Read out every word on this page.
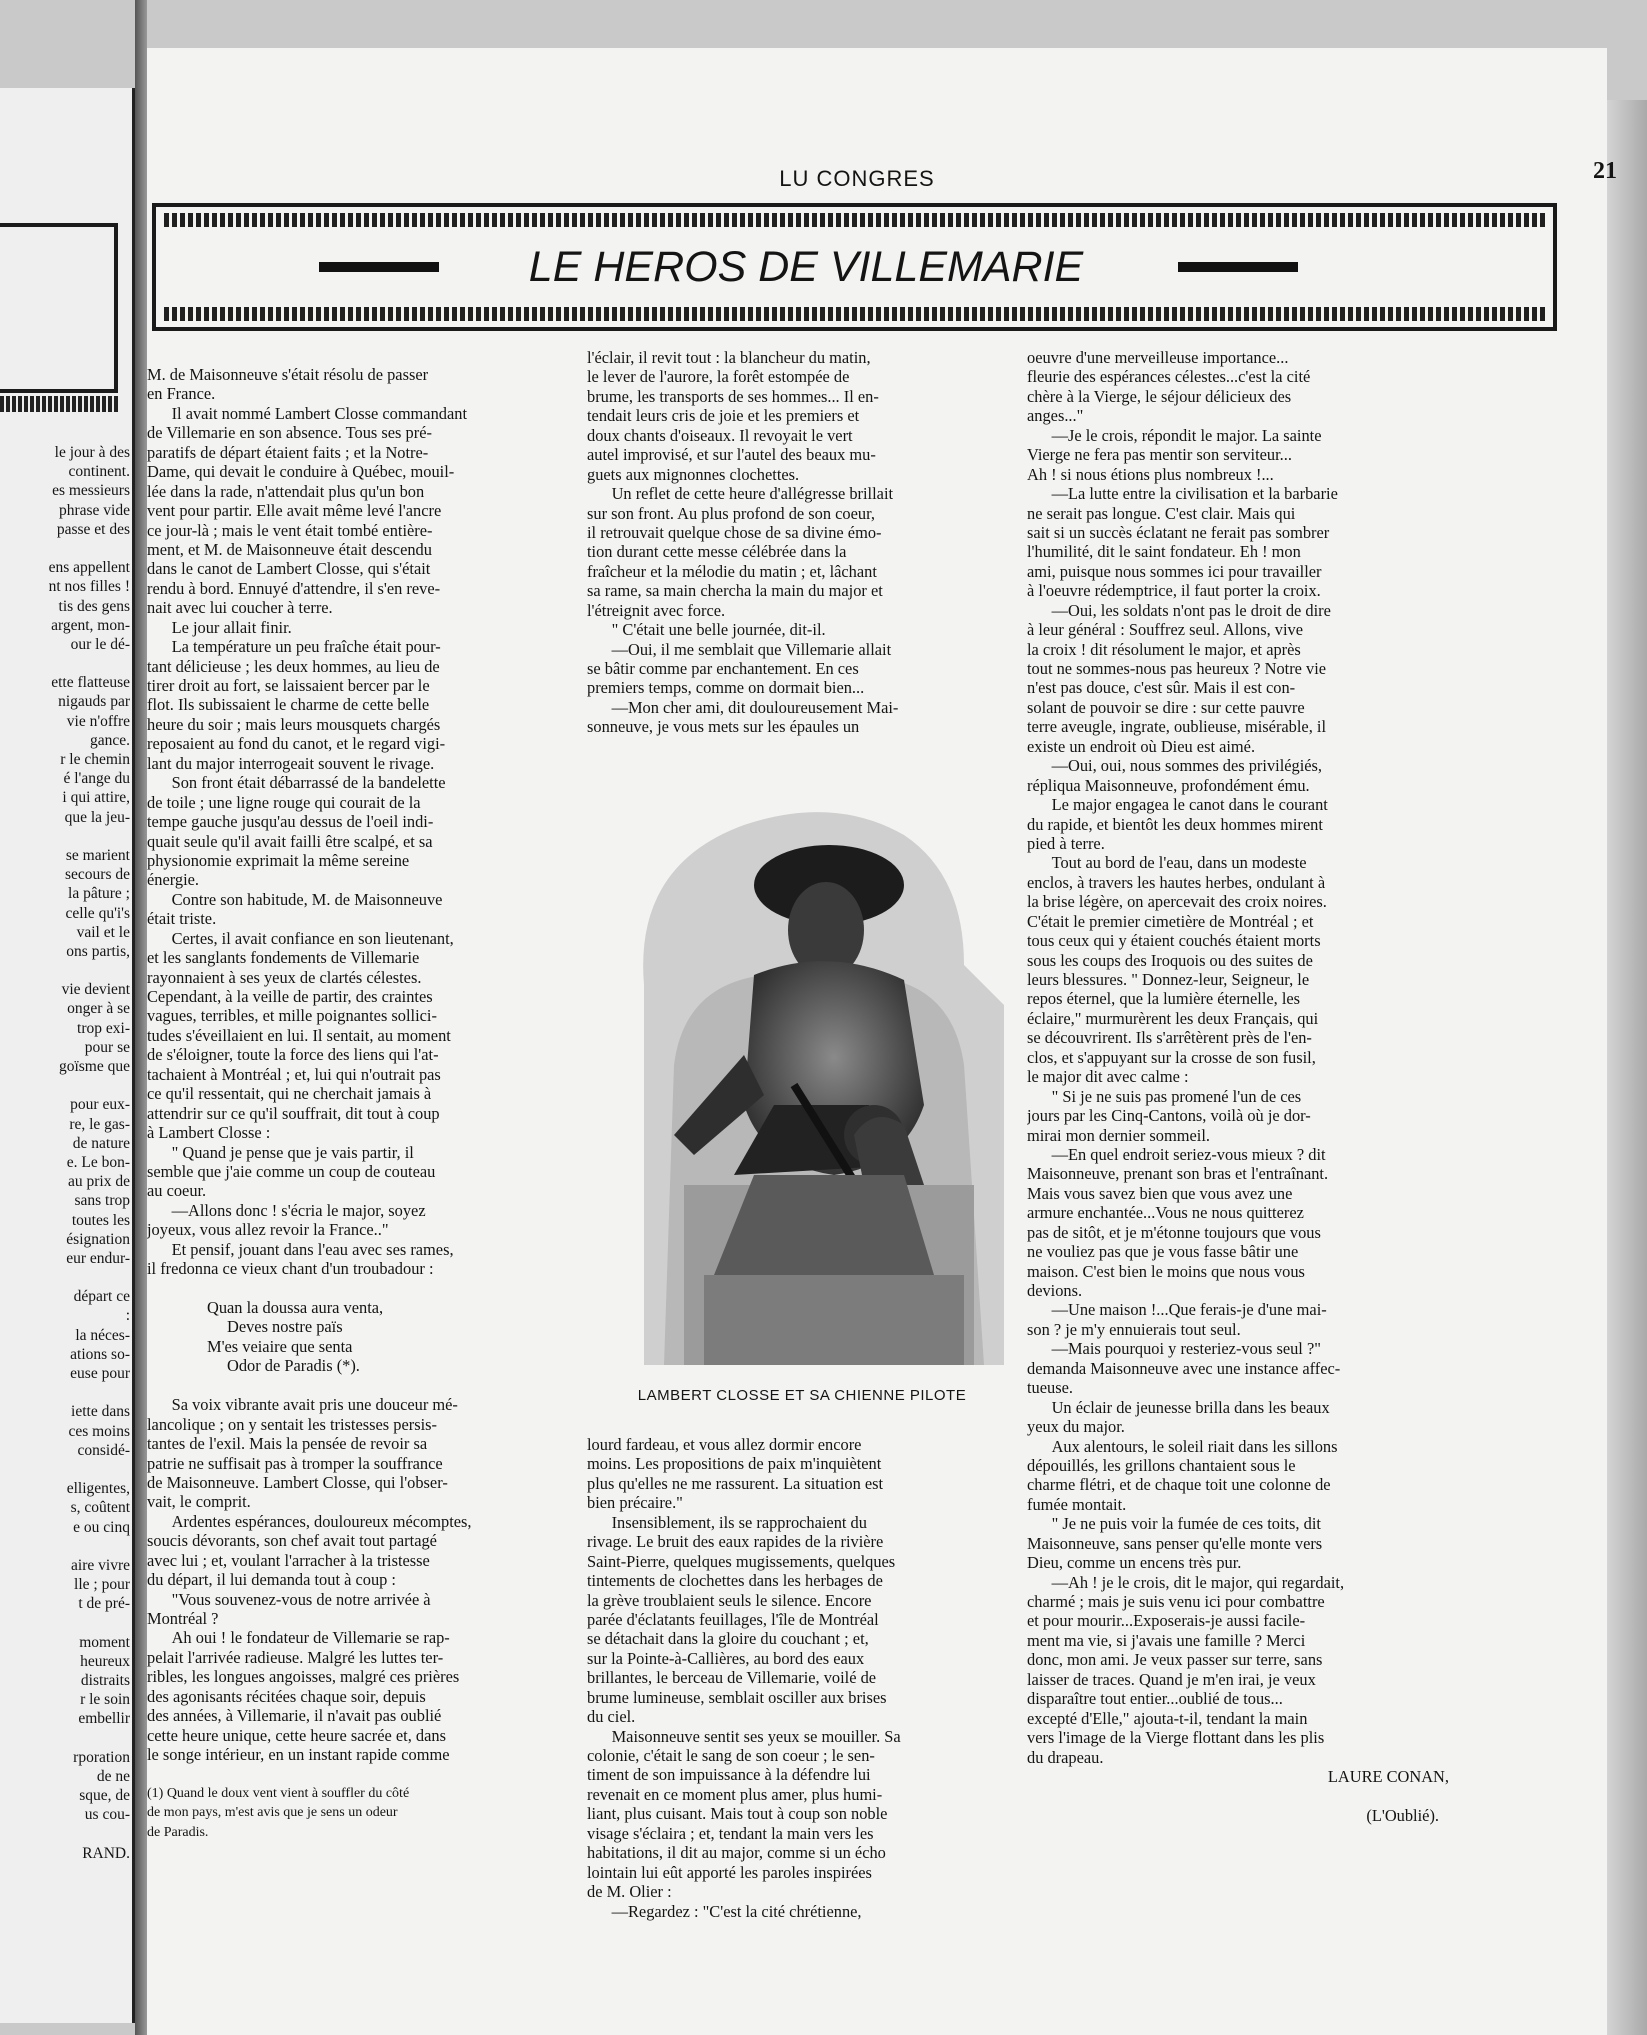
le jour à des
continent.
es messieurs
phrase vide
passe et des
ens appellent
nt nos filles !
tis des gens
argent, mon-
our le dé-
ette flatteuse
nigauds par
vie n'offre
gance.
r le chemin
é l'ange du
i qui attire,
que la jeu-
se marient
secours de
la pâture ;
celle qu'i's
vail et le
ons partis,
vie devient
onger à se
trop exi-
pour se
goïsme que
pour eux-
re, le gas-
de nature
e. Le bon-
au prix de
sans trop
toutes les
ésignation
eur endur-
départ ce
:
la néces-
ations so-
euse pour
iette dans
ces moins
considé-
elligentes,
s, coûtent
e ou cinq
aire vivre
lle ; pour
t de pré-
moment
heureux
distraits
r le soin
embellir
rporation
de ne
sque, de
us cou-
RAND.
LU CONGRES	21
LE HEROS DE VILLEMARIE
M. de Maisonneuve s'était résolu de passer
en France.
Il avait nommé Lambert Closse commandant
de Villemarie en son absence. Tous ses pré-
paratifs de départ étaient faits ; et la Notre-
Dame, qui devait le conduire à Québec, mouil-
lée dans la rade, n'attendait plus qu'un bon
vent pour partir. Elle avait même levé l'ancre
ce jour-là ; mais le vent était tombé entière-
ment, et M. de Maisonneuve était descendu
dans le canot de Lambert Closse, qui s'était
rendu à bord. Ennuyé d'attendre, il s'en reve-
nait avec lui coucher à terre.
Le jour allait finir.
La température un peu fraîche était pour-
tant délicieuse ; les deux hommes, au lieu de
tirer droit au fort, se laissaient bercer par le
flot. Ils subissaient le charme de cette belle
heure du soir ; mais leurs mousquets chargés
reposaient au fond du canot, et le regard vigi-
lant du major interrogeait souvent le rivage.
Son front était débarrassé de la bandelette
de toile ; une ligne rouge qui courait de la
tempe gauche jusqu'au dessus de l'oeil indi-
quait seule qu'il avait failli être scalpé, et sa
physionomie exprimait la même sereine
énergie.
Contre son habitude, M. de Maisonneuve
était triste.
Certes, il avait confiance en son lieutenant,
et les sanglants fondements de Villemarie
rayonnaient à ses yeux de clartés célestes.
Cependant, à la veille de partir, des craintes
vagues, terribles, et mille poignantes sollici-
tudes s'éveillaient en lui. Il sentait, au moment
de s'éloigner, toute la force des liens qui l'at-
tachaient à Montréal ; et, lui qui n'outrait pas
ce qu'il ressentait, qui ne cherchait jamais à
attendrir sur ce qu'il souffrait, dit tout à coup
à Lambert Closse :
" Quand je pense que je vais partir, il
semble que j'aie comme un coup de couteau
au coeur.
—Allons donc ! s'écria le major, soyez
joyeux, vous allez revoir la France.."
Et pensif, jouant dans l'eau avec ses rames,
il fredonna ce vieux chant d'un troubadour :
Quan la doussa aura venta,
Deves nostre païs
M'es veiaire que senta
Odor de Paradis (*).
Sa voix vibrante avait pris une douceur mé-
lancolique ; on y sentait les tristesses persis-
tantes de l'exil. Mais la pensée de revoir sa
patrie ne suffisait pas à tromper la souffrance
de Maisonneuve. Lambert Closse, qui l'obser-
vait, le comprit.
Ardentes espérances, douloureux mécomptes,
soucis dévorants, son chef avait tout partagé
avec lui ; et, voulant l'arracher à la tristesse
du départ, il lui demanda tout à coup :
"Vous souvenez-vous de notre arrivée à
Montréal ?
Ah oui ! le fondateur de Villemarie se rap-
pelait l'arrivée radieuse. Malgré les luttes ter-
ribles, les longues angoisses, malgré ces prières
des agonisants récitées chaque soir, depuis
des années, à Villemarie, il n'avait pas oublié
cette heure unique, cette heure sacrée et, dans
le songe intérieur, en un instant rapide comme
(1) Quand le doux vent vient à souffler du côté
de mon pays, m'est avis que je sens un odeur
de Paradis.
l'éclair, il revit tout : la blancheur du matin,
le lever de l'aurore, la forêt estompée de
brume, les transports de ses hommes... Il en-
tendait leurs cris de joie et les premiers et
doux chants d'oiseaux. Il revoyait le vert
autel improvisé, et sur l'autel des beaux mu-
guets aux mignonnes clochettes.
Un reflet de cette heure d'allégresse brillait
sur son front. Au plus profond de son coeur,
il retrouvait quelque chose de sa divine émo-
tion durant cette messe célébrée dans la
fraîcheur et la mélodie du matin ; et, lâchant
sa rame, sa main chercha la main du major et
l'étreignit avec force.
" C'était une belle journée, dit-il.
—Oui, il me semblait que Villemarie allait
se bâtir comme par enchantement. En ces
premiers temps, comme on dormait bien...
—Mon cher ami, dit douloureusement Mai-
sonneuve, je vous mets sur les épaules un
LAMBERT CLOSSE ET SA CHIENNE PILOTE
lourd fardeau, et vous allez dormir encore
moins. Les propositions de paix m'inquiètent
plus qu'elles ne me rassurent. La situation est
bien précaire."
Insensiblement, ils se rapprochaient du
rivage. Le bruit des eaux rapides de la rivière
Saint-Pierre, quelques mugissements, quelques
tintements de clochettes dans les herbages de
la grève troublaient seuls le silence. Encore
parée d'éclatants feuillages, l'île de Montréal
se détachait dans la gloire du couchant ; et,
sur la Pointe-à-Callières, au bord des eaux
brillantes, le berceau de Villemarie, voilé de
brume lumineuse, semblait osciller aux brises
du ciel.
Maisonneuve sentit ses yeux se mouiller. Sa
colonie, c'était le sang de son coeur ; le sen-
timent de son impuissance à la défendre lui
revenait en ce moment plus amer, plus humi-
liant, plus cuisant. Mais tout à coup son noble
visage s'éclaira ; et, tendant la main vers les
habitations, il dit au major, comme si un écho
lointain lui eût apporté les paroles inspirées
de M. Olier :
—Regardez : "C'est la cité chrétienne,
oeuvre d'une merveilleuse importance...
fleurie des espérances célestes...c'est la cité
chère à la Vierge, le séjour délicieux des
anges..."
—Je le crois, répondit le major. La sainte
Vierge ne fera pas mentir son serviteur...
Ah ! si nous étions plus nombreux !...
—La lutte entre la civilisation et la barbarie
ne serait pas longue. C'est clair. Mais qui
sait si un succès éclatant ne ferait pas sombrer
l'humilité, dit le saint fondateur. Eh ! mon
ami, puisque nous sommes ici pour travailler
à l'oeuvre rédemptrice, il faut porter la croix.
—Oui, les soldats n'ont pas le droit de dire
à leur général : Souffrez seul. Allons, vive
la croix ! dit résolument le major, et après
tout ne sommes-nous pas heureux ? Notre vie
n'est pas douce, c'est sûr. Mais il est con-
solant de pouvoir se dire : sur cette pauvre
terre aveugle, ingrate, oublieuse, misérable, il
existe un endroit où Dieu est aimé.
—Oui, oui, nous sommes des privilégiés,
répliqua Maisonneuve, profondément ému.
Le major engagea le canot dans le courant
du rapide, et bientôt les deux hommes mirent
pied à terre.
Tout au bord de l'eau, dans un modeste
enclos, à travers les hautes herbes, ondulant à
la brise légère, on apercevait des croix noires.
C'était le premier cimetière de Montréal ; et
tous ceux qui y étaient couchés étaient morts
sous les coups des Iroquois ou des suites de
leurs blessures. " Donnez-leur, Seigneur, le
repos éternel, que la lumière éternelle, les
éclaire," murmurèrent les deux Français, qui
se découvrirent. Ils s'arrêtèrent près de l'en-
clos, et s'appuyant sur la crosse de son fusil,
le major dit avec calme :
" Si je ne suis pas promené l'un de ces
jours par les Cinq-Cantons, voilà où je dor-
mirai mon dernier sommeil.
—En quel endroit seriez-vous mieux ? dit
Maisonneuve, prenant son bras et l'entraînant.
Mais vous savez bien que vous avez une
armure enchantée...Vous ne nous quitterez
pas de sitôt, et je m'étonne toujours que vous
ne vouliez pas que je vous fasse bâtir une
maison. C'est bien le moins que nous vous
devions.
—Une maison !...Que ferais-je d'une mai-
son ? je m'y ennuierais tout seul.
—Mais pourquoi y resteriez-vous seul ?"
demanda Maisonneuve avec une instance affec-
tueuse.
Un éclair de jeunesse brilla dans les beaux
yeux du major.
Aux alentours, le soleil riait dans les sillons
dépouillés, les grillons chantaient sous le
charme flétri, et de chaque toit une colonne de
fumée montait.
" Je ne puis voir la fumée de ces toits, dit
Maisonneuve, sans penser qu'elle monte vers
Dieu, comme un encens très pur.
—Ah ! je le crois, dit le major, qui regardait,
charmé ; mais je suis venu ici pour combattre
et pour mourir...Exposerais-je aussi facile-
ment ma vie, si j'avais une famille ? Merci
donc, mon ami. Je veux passer sur terre, sans
laisser de traces. Quand je m'en irai, je veux
disparaître tout entier...oublié de tous...
excepté d'Elle," ajouta-t-il, tendant la main
vers l'image de la Vierge flottant dans les plis
du drapeau.
LAURE CONAN,
(L'Oublié).
